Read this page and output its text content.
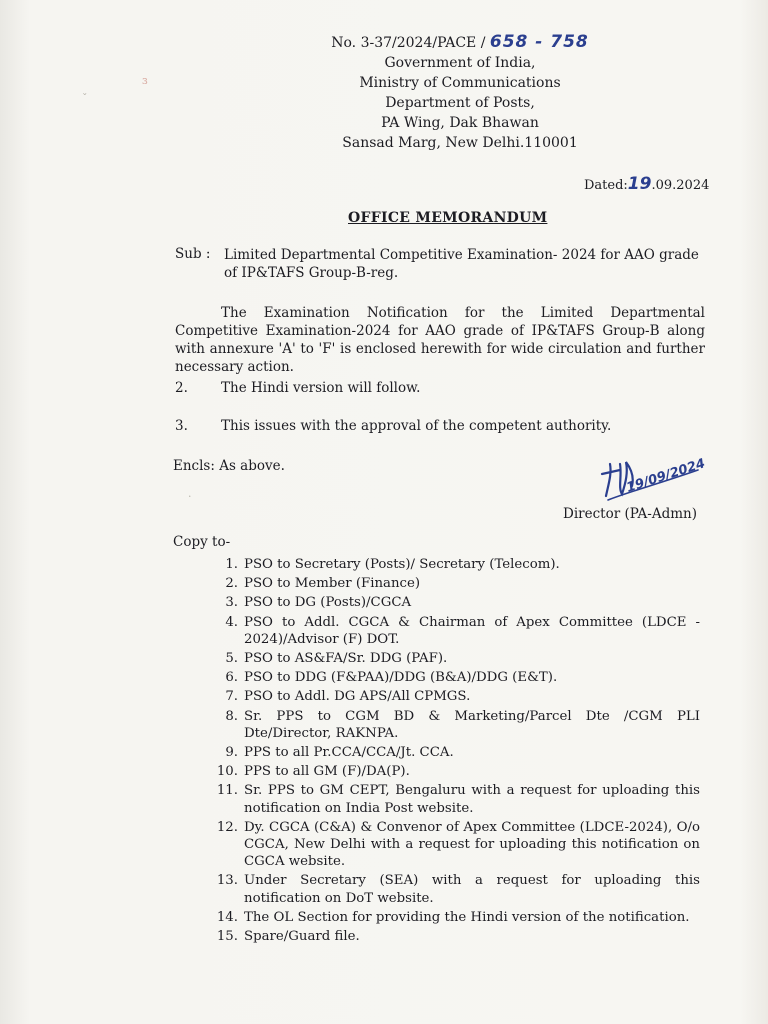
ɜ
ˇ
·
No. 3-37/2024/PACE / 658 - 758
Government of India,
Ministry of Communications
Department of Posts,
PA Wing, Dak Bhawan
Sansad Marg, New Delhi.110001
Dated:19.09.2024
OFFICE MEMORANDUM
Sub : Limited Departmental Competitive Examination- 2024 for AAO grade of IP&TAFS Group-B-reg.
The Examination Notification for the Limited Departmental Competitive Examination-2024 for AAO grade of IP&TAFS Group-B along with annexure 'A' to 'F' is enclosed herewith for wide circulation and further necessary action.
2. The Hindi version will follow.
3. This issues with the approval of the competent authority.
Encls: As above.	19/09/2024
Director (PA-Admn)
Copy to-
1. PSO to Secretary (Posts)/ Secretary (Telecom).
2. PSO to Member (Finance)
3. PSO to DG (Posts)/CGCA
4. PSO to Addl. CGCA & Chairman of Apex Committee (LDCE - 2024)/Advisor (F) DOT.
5. PSO to AS&FA/Sr. DDG (PAF).
6. PSO to DDG (F&PAA)/DDG (B&A)/DDG (E&T).
7. PSO to Addl. DG APS/All CPMGS.
8. Sr. PPS to CGM BD & Marketing/Parcel Dte /CGM PLI Dte/Director, RAKNPA.
9. PPS to all Pr.CCA/CCA/Jt. CCA.
10. PPS to all GM (F)/DA(P).
11. Sr. PPS to GM CEPT, Bengaluru with a request for uploading this notification on India Post website.
12. Dy. CGCA (C&A) & Convenor of Apex Committee (LDCE-2024), O/o CGCA, New Delhi with a request for uploading this notification on CGCA website.
13. Under Secretary (SEA) with a request for uploading this notification on DoT website.
14. The OL Section for providing the Hindi version of the notification.
15. Spare/Guard file.
